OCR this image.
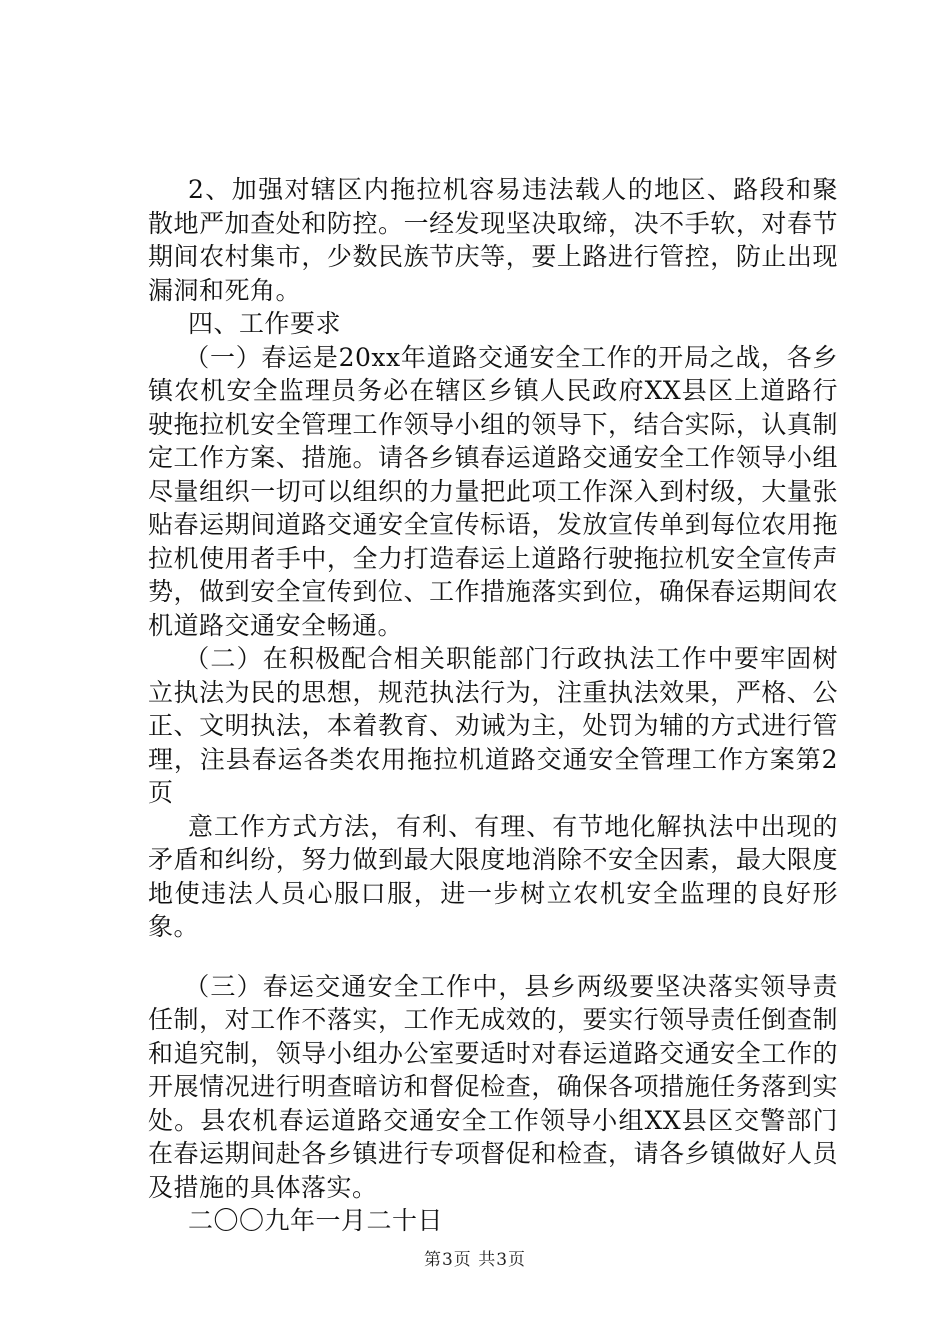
2、加强对辖区内拖拉机容易违法载人的地区、路段和聚散地严加查处和防控。一经发现坚决取缔，决不手软，对春节期间农村集市，少数民族节庆等，要上路进行管控，防止出现漏洞和死角。

四、工作要求

（一）春运是20xx年道路交通安全工作的开局之战，各乡镇农机安全监理员务必在辖区乡镇人民政府XX县区上道路行驶拖拉机安全管理工作领导小组的领导下，结合实际，认真制定工作方案、措施。请各乡镇春运道路交通安全工作领导小组尽量组织一切可以组织的力量把此项工作深入到村级，大量张贴春运期间道路交通安全宣传标语，发放宣传单到每位农用拖拉机使用者手中，全力打造春运上道路行驶拖拉机安全宣传声势，做到安全宣传到位、工作措施落实到位，确保春运期间农机道路交通安全畅通。

（二）在积极配合相关职能部门行政执法工作中要牢固树立执法为民的思想，规范执法行为，注重执法效果，严格、公正、文明执法，本着教育、劝诫为主，处罚为辅的方式进行管理，注县春运各类农用拖拉机道路交通安全管理工作方案第2页

意工作方式方法，有利、有理、有节地化解执法中出现的矛盾和纠纷，努力做到最大限度地消除不安全因素，最大限度地使违法人员心服口服，进一步树立农机安全监理的良好形象。

（三）春运交通安全工作中，县乡两级要坚决落实领导责任制，对工作不落实，工作无成效的，要实行领导责任倒查制和追究制，领导小组办公室要适时对春运道路交通安全工作的开展情况进行明查暗访和督促检查，确保各项措施任务落到实处。县农机春运道路交通安全工作领导小组XX县区交警部门在春运期间赴各乡镇进行专项督促和检查，请各乡镇做好人员及措施的具体落实。

二〇〇九年一月二十日

第3页 共3页
